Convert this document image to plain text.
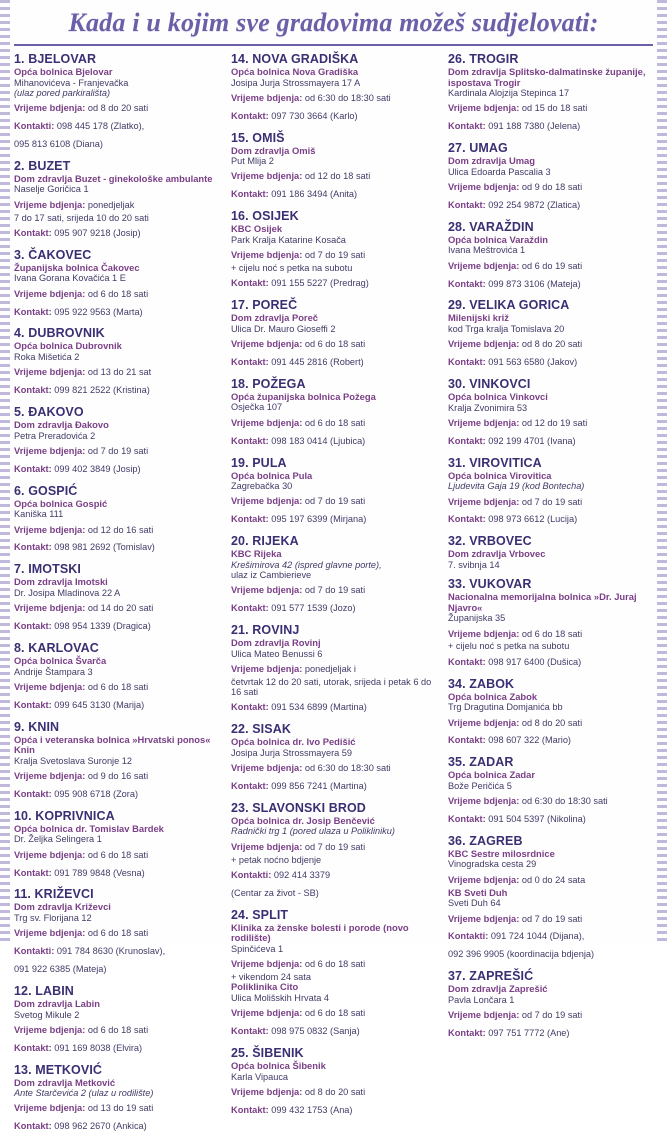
Kada i u kojim sve gradovima možeš sudjelovati:
1. BJELOVAR
Opća bolnica Bjelovar
Mihanovićeva - Franjevačka
(ulaz pored parkirališta)
Vrijeme bdjenja: od 8 do 20 sati
Kontakti: 098 445 178 (Zlatko),
095 813 6108 (Diana)
2. BUZET
Dom zdravlja Buzet - ginekološke ambulante
Naselje Goričica 1
Vrijeme bdjenja: ponedjeljak
7 do 17 sati, srijeda 10 do 20 sati
Kontakt: 095 907 9218 (Josip)
3. ČAKOVEC
Županijska bolnica Čakovec
Ivana Gorana Kovačića 1 E
Vrijeme bdjenja: od 6 do 18 sati
Kontakt: 095 922 9563 (Marta)
4. DUBROVNIK
Opća bolnica Dubrovnik
Roka Mišetića 2
Vrijeme bdjenja: od 13 do 21 sat
Kontakt: 099 821 2522 (Kristina)
5. ĐAKOVO
Dom zdravlja Đakovo
Petra Preradovića 2
Vrijeme bdjenja: od 7 do 19 sati
Kontakt: 099 402 3849 (Josip)
6. GOSPIĆ
Opća bolnica Gospić
Kaniška 111
Vrijeme bdjenja: od 12 do 16 sati
Kontakt: 098 981 2692 (Tomislav)
7. IMOTSKI
Dom zdravlja Imotski
Dr. Josipa Mladinova 22 A
Vrijeme bdjenja: od 14 do 20 sati
Kontakt: 098 954 1339 (Dragica)
8. KARLOVAC
Opća bolnica Švarča
Andrije Štampara 3
Vrijeme bdjenja: od 6 do 18 sati
Kontakt: 099 645 3130 (Marija)
9. KNIN
Opća i veteranska bolnica »Hrvatski ponos« Knin
Kralja Svetoslava Suronje 12
Vrijeme bdjenja: od 9 do 16 sati
Kontakt: 095 908 6718 (Zora)
10. KOPRIVNICA
Opća bolnica dr. Tomislav Bardek
Dr. Željka Selingera 1
Vrijeme bdjenja: od 6 do 18 sati
Kontakt: 091 789 9848 (Vesna)
11. KRIŽEVCI
Dom zdravlja Križevci
Trg sv. Florijana 12
Vrijeme bdjenja: od 6 do 18 sati
Kontakti: 091 784 8630 (Krunoslav),
091 922 6385 (Mateja)
12. LABIN
Dom zdravlja Labin
Svetog Mikule 2
Vrijeme bdjenja: od 6 do 18 sati
Kontakt: 091 169 8038 (Elvira)
13. METKOVIĆ
Dom zdravlja Metković
Ante Starčevića 2 (ulaz u rodilište)
Vrijeme bdjenja: od 13 do 19 sati
Kontakt: 098 962 2670 (Ankica)
14. NOVA GRADIŠKA
Opća bolnica Nova Gradiška
Josipa Jurja Strossmayera 17 A
Vrijeme bdjenja: od 6:30 do 18:30 sati
Kontakt: 097 730 3664 (Karlo)
15. OMIŠ
Dom zdravlja Omiš
Put Mlija 2
Vrijeme bdjenja: od 12 do 18 sati
Kontakt: 091 186 3494 (Anita)
16. OSIJEK
KBC Osijek
Park Kralja Katarine Kosača
Vrijeme bdjenja: od 7 do 19 sati
+ cijelu noć s petka na subotu
Kontakt: 091 155 5227 (Predrag)
17. POREČ
Dom zdravlja Poreč
Ulica Dr. Mauro Gioseffi 2
Vrijeme bdjenja: od 6 do 18 sati
Kontakt: 091 445 2816 (Robert)
18. POŽEGA
Opća županijska bolnica Požega
Osječka 107
Vrijeme bdjenja: od 6 do 18 sati
Kontakt: 098 183 0414 (Ljubica)
19. PULA
Opća bolnica Pula
Zagrebačka 30
Vrijeme bdjenja: od 7 do 19 sati
Kontakt: 095 197 6399 (Mirjana)
20. RIJEKA
KBC Rijeka
Krešimirova 42 (ispred glavne porte),
ulaz iz Cambierieve
Vrijeme bdjenja: od 7 do 19 sati
Kontakt: 091 577 1539 (Jozo)
21. ROVINJ
Dom zdravlja Rovinj
Ulica Mateo Benussi 6
Vrijeme bdjenja: ponedjeljak i
četvrtak 12 do 20 sati, utorak, srijeda i petak 6 do 16 sati
Kontakt: 091 534 6899 (Martina)
22. SISAK
Opća bolnica dr. Ivo Pedišić
Josipa Jurja Strossmayera 59
Vrijeme bdjenja: od 6:30 do 18:30 sati
Kontakt: 099 856 7241 (Martina)
23. SLAVONSKI BROD
Opća bolnica dr. Josip Benčević
Radnički trg 1 (pored ulaza u Polikliniku)
Vrijeme bdjenja: od 7 do 19 sati
+ petak noćno bdjenje
Kontakti: 092 414 3379
(Centar za život - SB)
24. SPLIT
Klinika za ženske bolesti i porode (novo rodilište)
Spinčićeva 1
Vrijeme bdjenja: od 6 do 18 sati
+ vikendom 24 sata
Poliklinika Cito
Ulica Molišskih Hrvata 4
Vrijeme bdjenja: od 6 do 18 sati
Kontakt: 098 975 0832 (Sanja)
25. ŠIBENIK
Opća bolnica Šibenik
Karla Vipauca
Vrijeme bdjenja: od 8 do 20 sati
Kontakt: 099 432 1753 (Ana)
26. TROGIR
Dom zdravlja Splitsko-dalmatinske županije, ispostava Trogir
Kardinala Alojzija Stepinca 17
Vrijeme bdjenja: od 15 do 18 sati
Kontakt: 091 188 7380 (Jelena)
27. UMAG
Dom zdravlja Umag
Ulica Edoarda Pascalia 3
Vrijeme bdjenja: od 9 do 18 sati
Kontakt: 092 254 9872 (Zlatica)
28. VARAŽDIN
Opća bolnica Varaždin
Ivana Meštrovića 1
Vrijeme bdjenja: od 6 do 19 sati
Kontakt: 099 873 3106 (Mateja)
29. VELIKA GORICA
Milenijski križ
kod Trga kralja Tomislava 20
Vrijeme bdjenja: od 8 do 20 sati
Kontakt: 091 563 6580 (Jakov)
30. VINKOVCI
Opća bolnica Vinkovci
Kralja Zvonimira 53
Vrijeme bdjenja: od 12 do 19 sati
Kontakt: 092 199 4701 (Ivana)
31. VIROVITICA
Opća bolnica Virovitica
Ljudevita Gaja 19 (kod Bontecha)
Vrijeme bdjenja: od 7 do 19 sati
Kontakt: 098 973 6612 (Lucija)
32. VRBOVEC
Dom zdravlja Vrbovec
7. svibnja 14
33. VUKOVAR
Nacionalna memorijalna bolnica »Dr. Juraj Njavro«
Županijska 35
Vrijeme bdjenja: od 6 do 18 sati
+ cijelu noć s petka na subotu
Kontakt: 098 917 6400 (Dušica)
34. ZABOK
Opća bolnica Zabok
Trg Dragutina Domjanića bb
Vrijeme bdjenja: od 8 do 20 sati
Kontakt: 098 607 322 (Mario)
35. ZADAR
Opća bolnica Zadar
Bože Peričića 5
Vrijeme bdjenja: od 6:30 do 18:30 sati
Kontakt: 091 504 5397 (Nikolina)
36. ZAGREB
KBC Sestre milosrdnice
Vinogradska cesta 29
Vrijeme bdjenja: od 0 do 24 sata
KB Sveti Duh
Sveti Duh 64
Vrijeme bdjenja: od 7 do 19 sati
Kontakti: 091 724 1044 (Dijana),
092 396 9905 (koordinacija bdjenja)
37. ZAPREŠIĆ
Dom zdravlja Zaprešić
Pavla Lončara 1
Vrijeme bdjenja: od 7 do 19 sati
Kontakt: 097 751 7772 (Ane)
